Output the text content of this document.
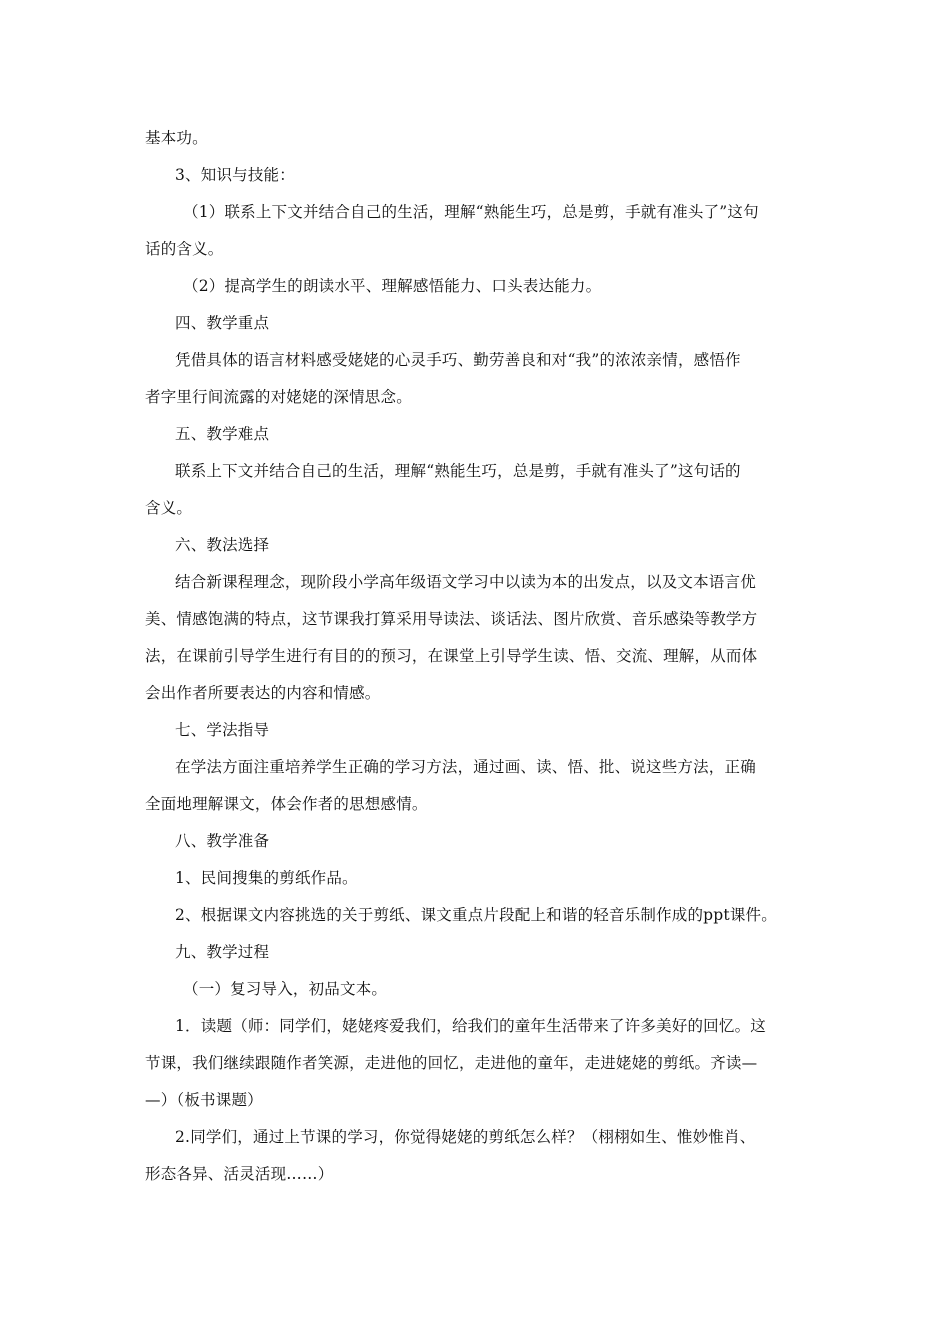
基本功。
3、知识与技能：
（1）联系上下文并结合自己的生活，理解“熟能生巧，总是剪，手就有准头了”这句
话的含义。
（2）提高学生的朗读水平、理解感悟能力、口头表达能力。
四、教学重点
凭借具体的语言材料感受姥姥的心灵手巧、勤劳善良和对“我”的浓浓亲情，感悟作
者字里行间流露的对姥姥的深情思念。
五、教学难点
联系上下文并结合自己的生活，理解“熟能生巧，总是剪，手就有准头了”这句话的
含义。
六、教法选择
结合新课程理念，现阶段小学高年级语文学习中以读为本的出发点，以及文本语言优
美、情感饱满的特点，这节课我打算采用导读法、谈话法、图片欣赏、音乐感染等教学方
法，在课前引导学生进行有目的的预习，在课堂上引导学生读、悟、交流、理解，从而体
会出作者所要表达的内容和情感。
七、学法指导
在学法方面注重培养学生正确的学习方法，通过画、读、悟、批、说这些方法，正确
全面地理解课文，体会作者的思想感情。
八、教学准备
1、民间搜集的剪纸作品。
2、根据课文内容挑选的关于剪纸、课文重点片段配上和谐的轻音乐制作成的ppt课件。
九、教学过程
（一）复习导入，初品文本。
1．读题（师：同学们，姥姥疼爱我们，给我们的童年生活带来了许多美好的回忆。这
节课，我们继续跟随作者笑源，走进他的回忆，走进他的童年，走进姥姥的剪纸。齐读—
—）（板书课题）
2.同学们，通过上节课的学习，你觉得姥姥的剪纸怎么样？（栩栩如生、惟妙惟肖、
形态各异、活灵活现……）
